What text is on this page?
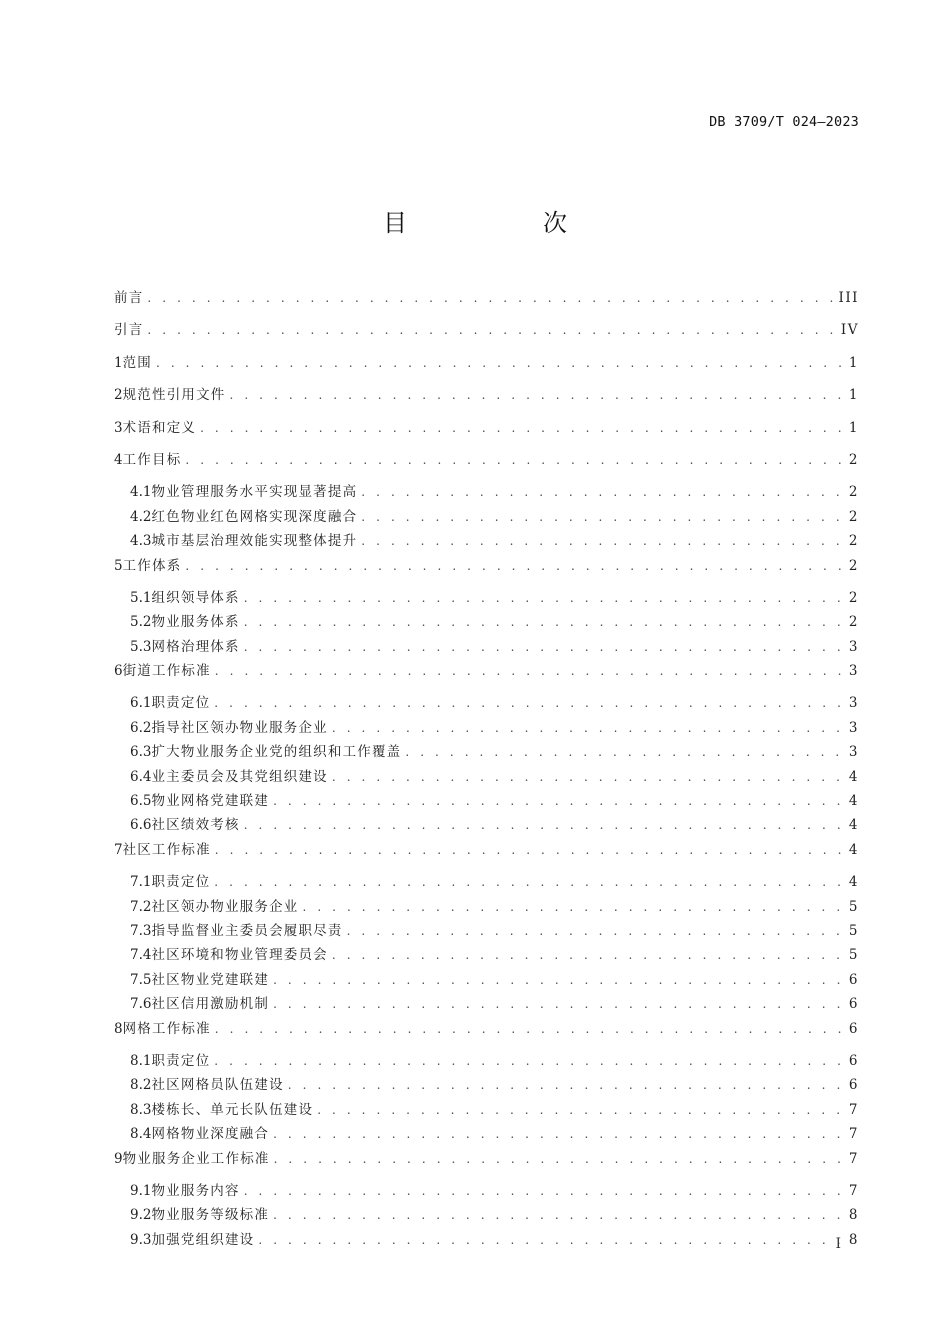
DB 3709/T 024—2023
目　次
前言 . . .	III
引言 . . .	IV
1 范围 . . .	1
2 规范性引用文件 . . .	1
3 术语和定义 . . .	1
4 工作目标 . . .	2
4.1 物业管理服务水平实现显著提高 . . .	2
4.2 红色物业红色网格实现深度融合 . . .	2
4.3 城市基层治理效能实现整体提升 . . .	2
5 工作体系 . . .	2
5.1 组织领导体系 . . .	2
5.2 物业服务体系 . . .	2
5.3 网格治理体系 . . .	3
6 街道工作标准 . . .	3
6.1 职责定位 . . .	3
6.2 指导社区领办物业服务企业 . . .	3
6.3 扩大物业服务企业党的组织和工作覆盖 . . .	3
6.4 业主委员会及其党组织建设 . . .	4
6.5 物业网格党建联建 . . .	4
6.6 社区绩效考核 . . .	4
7 社区工作标准 . . .	4
7.1 职责定位 . . .	4
7.2 社区领办物业服务企业 . . .	5
7.3 指导监督业主委员会履职尽责 . . .	5
7.4 社区环境和物业管理委员会 . . .	5
7.5 社区物业党建联建 . . .	6
7.6 社区信用激励机制 . . .	6
8 网格工作标准 . . .	6
8.1 职责定位 . . .	6
8.2 社区网格员队伍建设 . . .	6
8.3 楼栋长、单元长队伍建设 . . .	7
8.4 网格物业深度融合 . . .	7
9 物业服务企业工作标准 . . .	7
9.1 物业服务内容 . . .	7
9.2 物业服务等级标准 . . .	8
9.3 加强党组织建设 . . .	8
I
